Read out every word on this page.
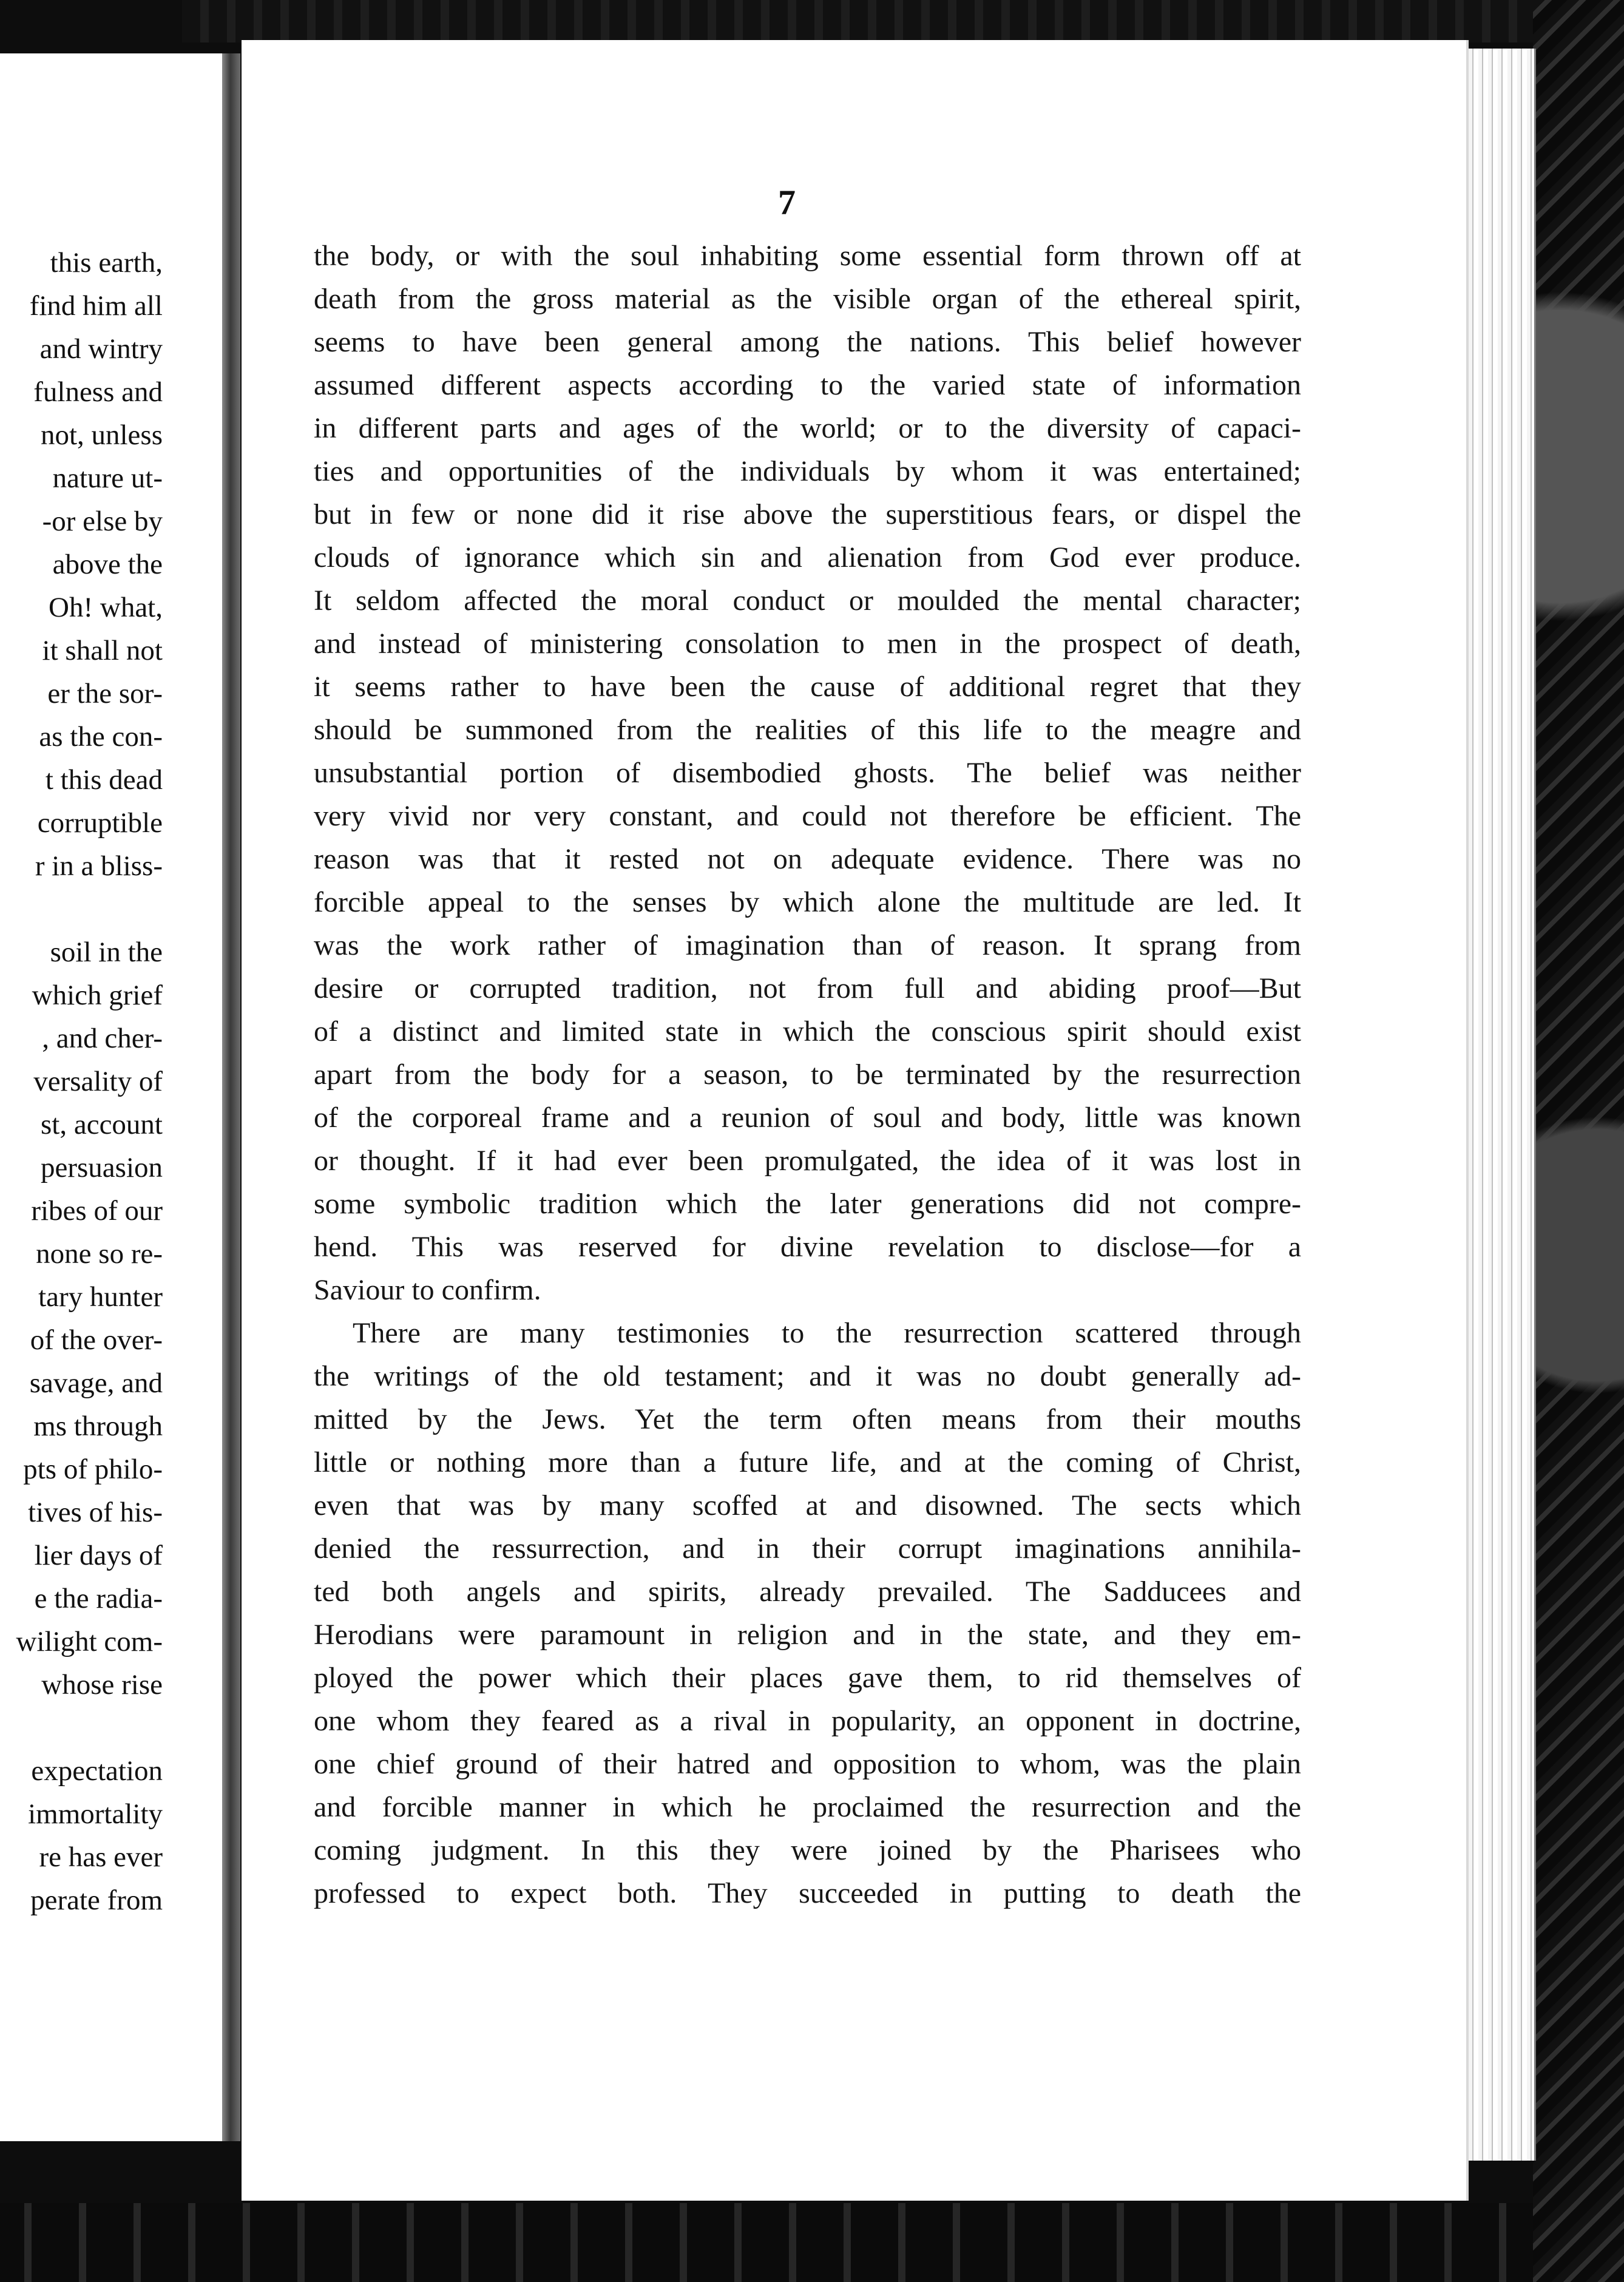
this earth,
find him all
and wintry
fulness and
not, unless
nature ut-
-or else by
above the
Oh! what,
it shall not
er the sor-
as the con-
t this dead
corruptible
r in a bliss-

soil in the
which grief
, and cher-
versality of
st, account
persuasion
ribes of our
none so re-
tary hunter
of the over-
savage, and
ms through
pts of philo-
tives of his-
lier days of
e the radia-
wilight com-
whose rise

expectation
immortality
re has ever
perate from
7
the body, or with the soul inhabiting some essential form thrown off at
death from the gross material as the visible organ of the ethereal spirit,
seems to have been general among the nations. This belief however
assumed different aspects according to the varied state of information
in different parts and ages of the world; or to the diversity of capaci-
ties and opportunities of the individuals by whom it was entertained;
but in few or none did it rise above the superstitious fears, or dispel the
clouds of ignorance which sin and alienation from God ever produce.
It seldom affected the moral conduct or moulded the mental character;
and instead of ministering consolation to men in the prospect of death,
it seems rather to have been the cause of additional regret that they
should be summoned from the realities of this life to the meagre and
unsubstantial portion of disembodied ghosts. The belief was neither
very vivid nor very constant, and could not therefore be efficient. The
reason was that it rested not on adequate evidence. There was no
forcible appeal to the senses by which alone the multitude are led. It
was the work rather of imagination than of reason. It sprang from
desire or corrupted tradition, not from full and abiding proof—But
of a distinct and limited state in which the conscious spirit should exist
apart from the body for a season, to be terminated by the resurrection
of the corporeal frame and a reunion of soul and body, little was known
or thought. If it had ever been promulgated, the idea of it was lost in
some symbolic tradition which the later generations did not compre-
hend. This was reserved for divine revelation to disclose—for a
Saviour to confirm.
There are many testimonies to the resurrection scattered through
the writings of the old testament; and it was no doubt generally ad-
mitted by the Jews. Yet the term often means from their mouths
little or nothing more than a future life, and at the coming of Christ,
even that was by many scoffed at and disowned. The sects which
denied the ressurrection, and in their corrupt imaginations annihila-
ted both angels and spirits, already prevailed. The Sadducees and
Herodians were paramount in religion and in the state, and they em-
ployed the power which their places gave them, to rid themselves of
one whom they feared as a rival in popularity, an opponent in doctrine,
one chief ground of their hatred and opposition to whom, was the plain
and forcible manner in which he proclaimed the resurrection and the
coming judgment. In this they were joined by the Pharisees who
professed to expect both. They succeeded in putting to death the
